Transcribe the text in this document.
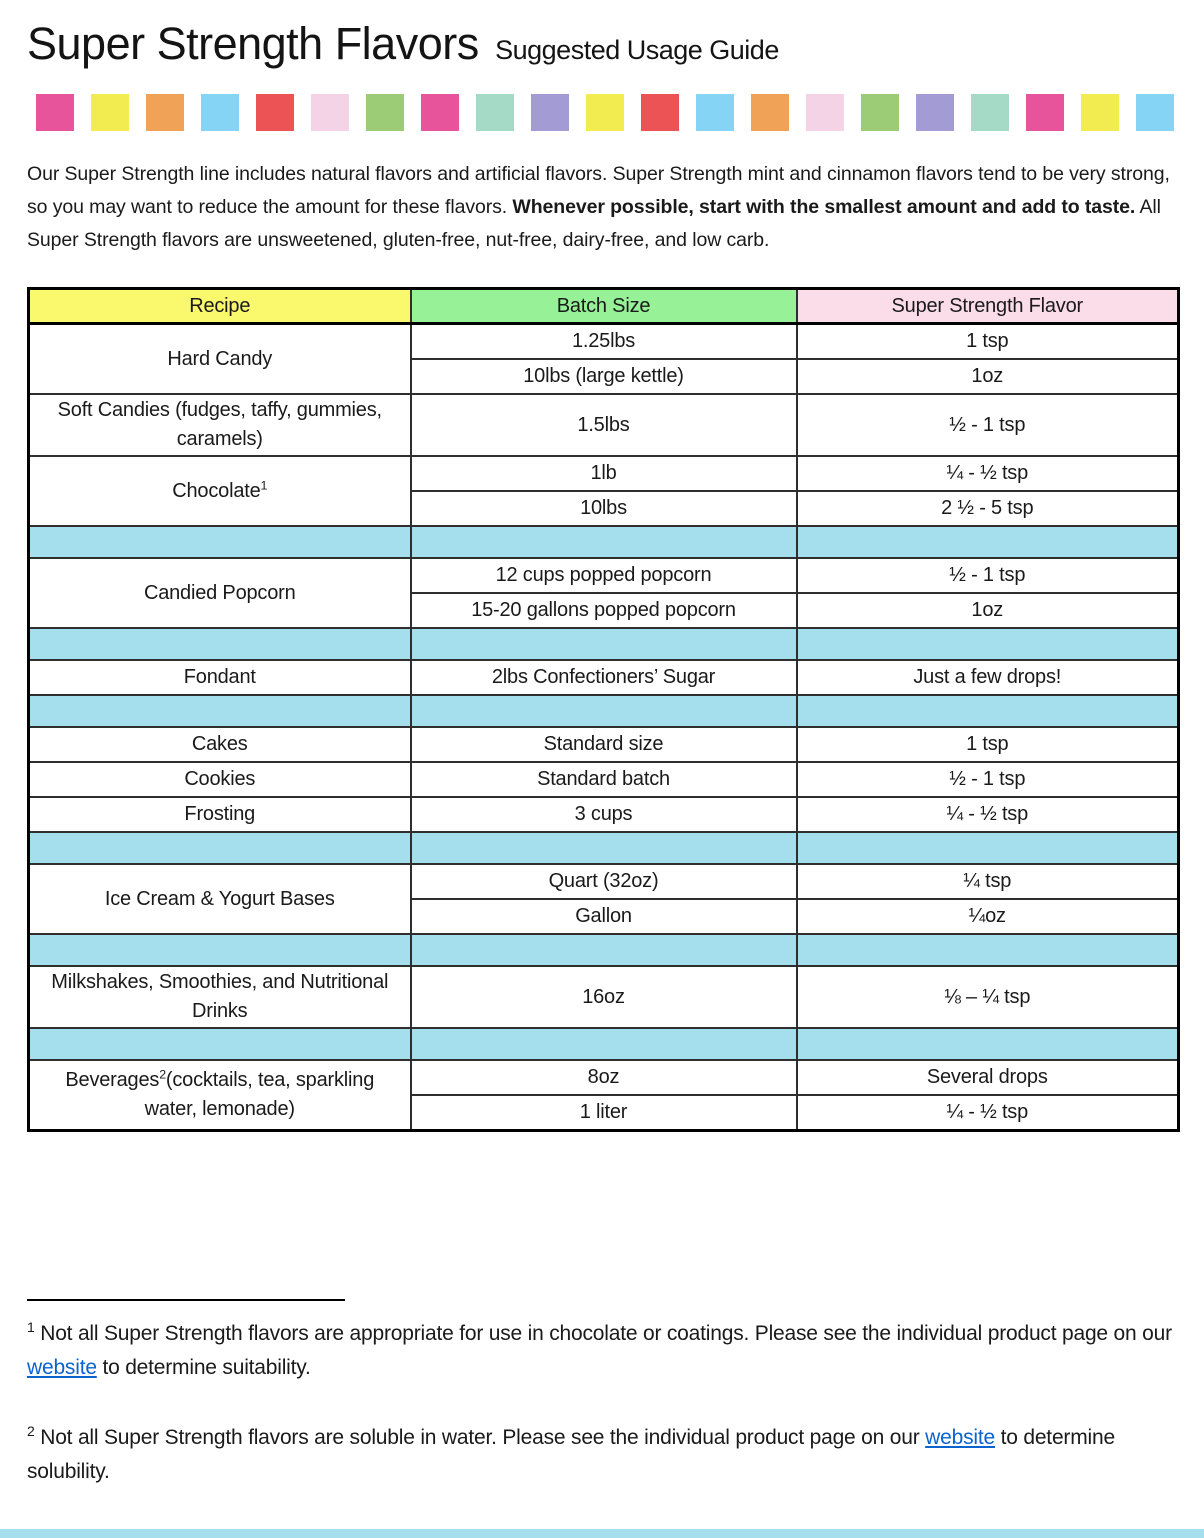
Super Strength Flavors Suggested Usage Guide

Our Super Strength line includes natural flavors and artificial flavors. Super Strength mint and cinnamon flavors tend to be very strong, so you may want to reduce the amount for these flavors. Whenever possible, start with the smallest amount and add to taste. All Super Strength flavors are unsweetened, gluten-free, nut-free, dairy-free, and low carb.

Recipe	Batch Size	Super Strength Flavor
Hard Candy	1.25lbs	1 tsp
	10lbs (large kettle)	1oz
Soft Candies (fudges, taffy, gummies, caramels)	1.5lbs	½ - 1 tsp
Chocolate$^1$	1lb	¼ - ½ tsp
	10lbs	2 ½ - 5 tsp

Candied Popcorn	12 cups popped popcorn	½ - 1 tsp
	15-20 gallons popped popcorn	1oz

Fondant	2lbs Confectioners’ Sugar	Just a few drops!

Cakes	Standard size	1 tsp
Cookies	Standard batch	½ - 1 tsp
Frosting	3 cups	¼ - ½ tsp

Ice Cream & Yogurt Bases	Quart (32oz)	¼ tsp
	Gallon	¼oz

Milkshakes, Smoothies, and Nutritional Drinks	16oz	⅛ – ¼ tsp

Beverages$^2$(cocktails, tea, sparkling water, lemonade)	8oz	Several drops
	1 liter	¼ - ½ tsp

$^1$ Not all Super Strength flavors are appropriate for use in chocolate or coatings. Please see the individual product page on our website to determine suitability.

$^2$ Not all Super Strength flavors are soluble in water. Please see the individual product page on our website to determine solubility.
